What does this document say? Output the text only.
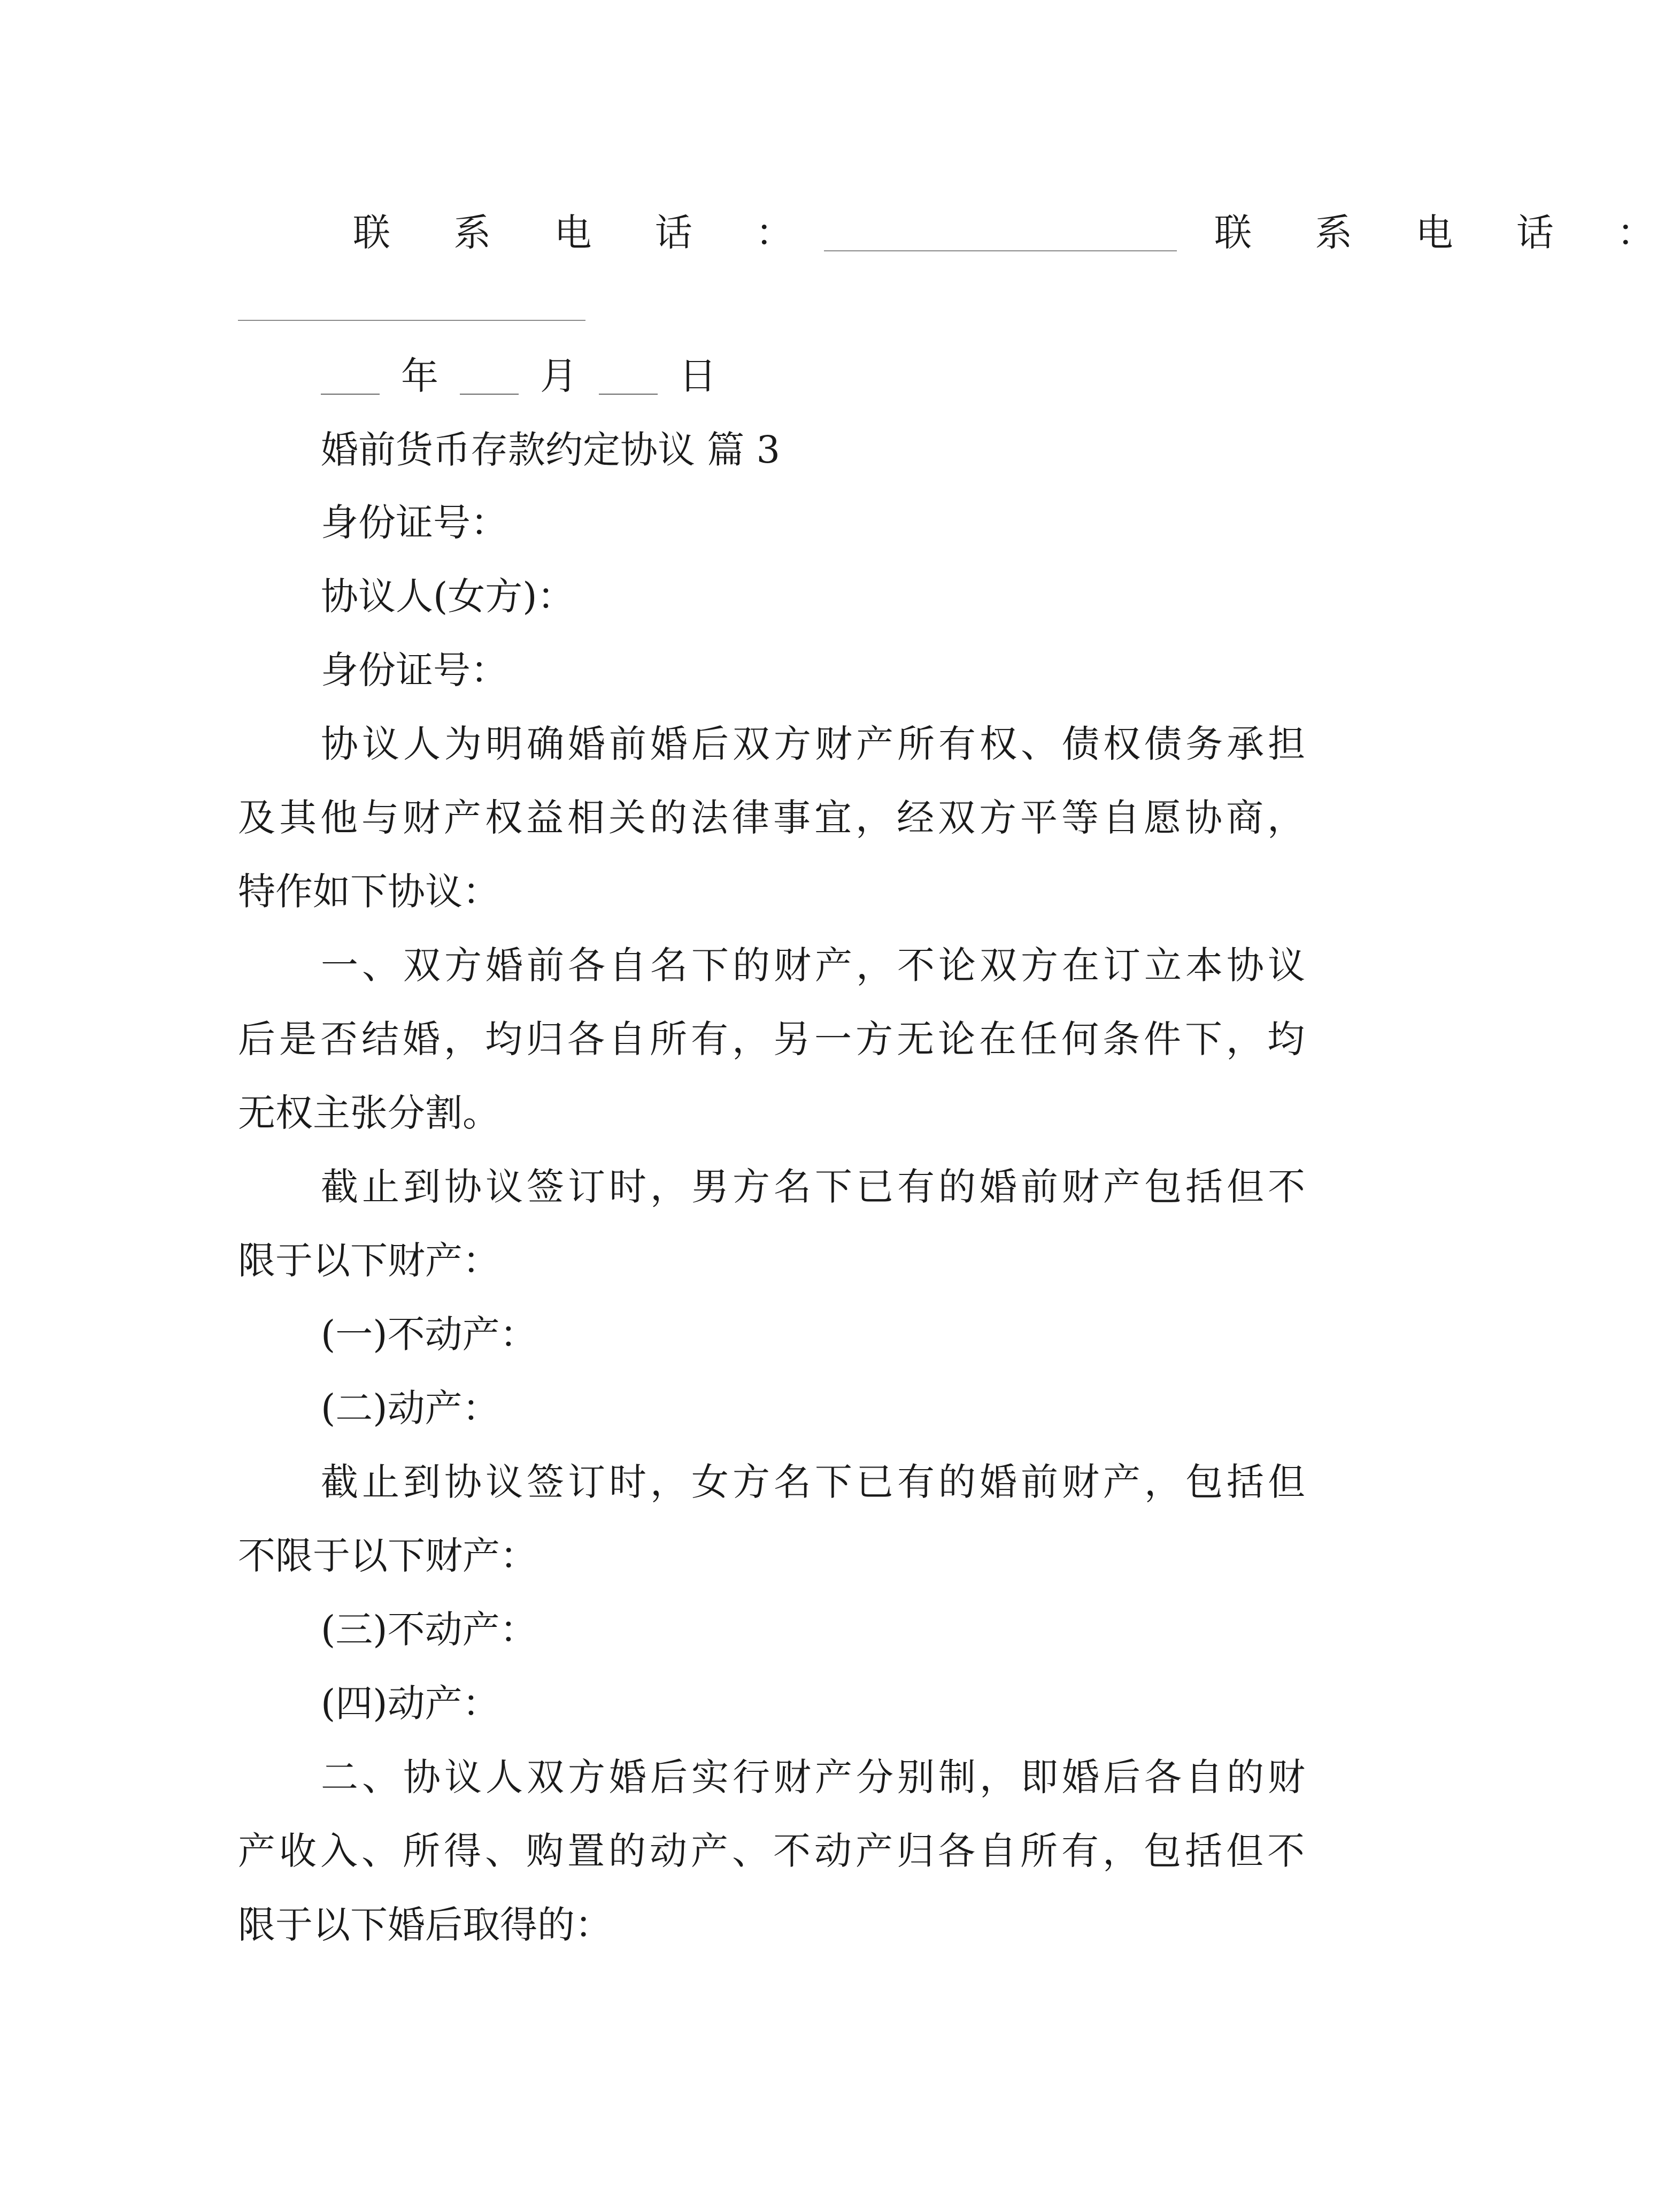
联 系 电 话 ：	联 系 电 话 ：
年	月	日
婚前货币存款约定协议 篇 3
身份证号：
协议人(女方)：
身份证号：
协议人为明确婚前婚后双方财产所有权、债权债务承担
及其他与财产权益相关的法律事宜，经双方平等自愿协商，
特作如下协议：
一、双方婚前各自名下的财产，不论双方在订立本协议
后是否结婚，均归各自所有，另一方无论在任何条件下，均
无权主张分割。
截止到协议签订时，男方名下已有的婚前财产包括但不
限于以下财产：
(一)不动产：
(二)动产：
截止到协议签订时，女方名下已有的婚前财产，包括但
不限于以下财产：
(三)不动产：
(四)动产：
二、协议人双方婚后实行财产分别制，即婚后各自的财
产收入、所得、购置的动产、不动产归各自所有，包括但不
限于以下婚后取得的：
